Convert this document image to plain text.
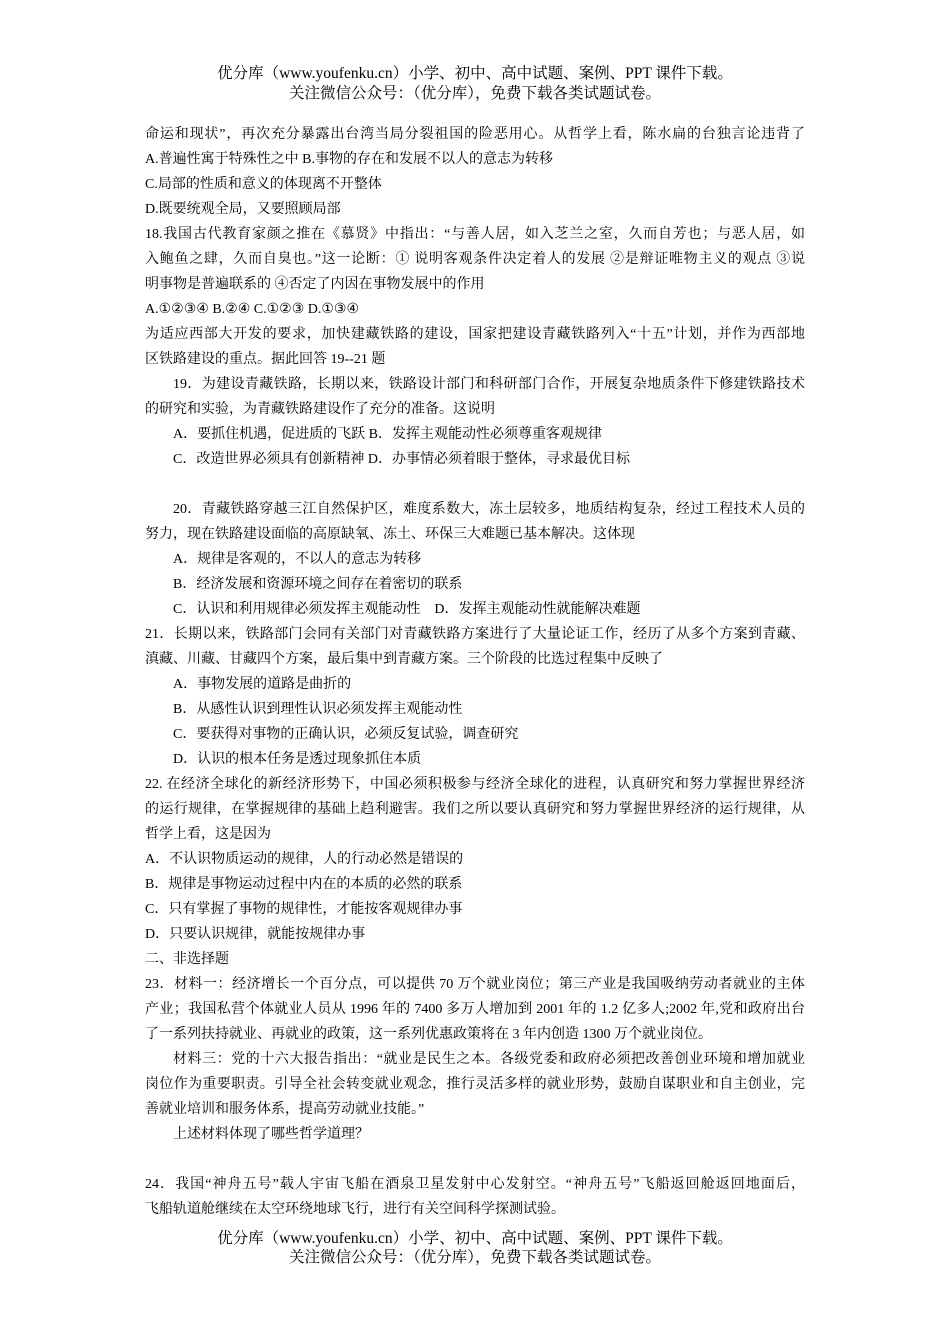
优分库（www.youfenku.cn）小学、初中、高中试题、案例、PPT 课件下载。
关注微信公众号：（优分库），免费下载各类试题试卷。
命运和现状”，再次充分暴露出台湾当局分裂祖国的险恶用心。从哲学上看，陈水扁的台独言论违背了
A.普遍性寓于特殊性之中 B.事物的存在和发展不以人的意志为转移
C.局部的性质和意义的体现离不开整体
D.既要统观全局，又要照顾局部
18.我国古代教育家颜之推在《慕贤》中指出：“与善人居，如入芝兰之室，久而自芳也；与恶人居，如
入鲍鱼之肆，久而自臭也。”这一论断：① 说明客观条件决定着人的发展 ②是辩证唯物主义的观点 ③说
明事物是普遍联系的 ④否定了内因在事物发展中的作用
A.①②③④ B.②④ C.①②③ D.①③④
为适应西部大开发的要求，加快建藏铁路的建设，国家把建设青藏铁路列入“十五”计划，并作为西部地
区铁路建设的重点。据此回答 19--21 题
19．为建设青藏铁路，长期以来，铁路设计部门和科研部门合作，开展复杂地质条件下修建铁路技术
的研究和实验，为青藏铁路建设作了充分的准备。这说明
A．要抓住机遇，促进质的飞跃 B．发挥主观能动性必须尊重客观规律
C．改造世界必须具有创新精神 D．办事情必须着眼于整体，寻求最优目标
20．青藏铁路穿越三江自然保护区，难度系数大，冻土层较多，地质结构复杂，经过工程技术人员的
努力，现在铁路建设面临的高原缺氧、冻土、环保三大难题已基本解决。这体现
A．规律是客观的，不以人的意志为转移
B．经济发展和资源环境之间存在着密切的联系
C．认识和利用规律必须发挥主观能动性　D．发挥主观能动性就能解决难题
21．长期以来，铁路部门会同有关部门对青藏铁路方案进行了大量论证工作，经历了从多个方案到青藏、
滇藏、川藏、甘藏四个方案，最后集中到青藏方案。三个阶段的比选过程集中反映了
A．事物发展的道路是曲折的
B．从感性认识到理性认识必须发挥主观能动性
C．要获得对事物的正确认识，必须反复试验，调查研究
D．认识的根本任务是透过现象抓住本质
22. 在经济全球化的新经济形势下，中国必须积极参与经济全球化的进程，认真研究和努力掌握世界经济
的运行规律，在掌握规律的基础上趋利避害。我们之所以要认真研究和努力掌握世界经济的运行规律，从
哲学上看，这是因为
A．不认识物质运动的规律，人的行动必然是错误的
B．规律是事物运动过程中内在的本质的必然的联系
C．只有掌握了事物的规律性，才能按客观规律办事
D．只要认识规律，就能按规律办事
二、非选择题
23．材料一：经济增长一个百分点，可以提供 70 万个就业岗位；第三产业是我国吸纳劳动者就业的主体
产业；我国私营个体就业人员从 1996 年的 7400 多万人增加到 2001 年的 1.2 亿多人;2002 年,党和政府出台
了一系列扶持就业、再就业的政策，这一系列优惠政策将在 3 年内创造 1300 万个就业岗位。
材料三：党的十六大报告指出：“就业是民生之本。各级党委和政府必须把改善创业环境和增加就业
岗位作为重要职责。引导全社会转变就业观念，推行灵活多样的就业形势，鼓励自谋职业和自主创业，完
善就业培训和服务体系，提高劳动就业技能。”
上述材料体现了哪些哲学道理？
24．我国“神舟五号”载人宇宙飞船在酒泉卫星发射中心发射空。“神舟五号”飞船返回舱返回地面后，
飞船轨道舱继续在太空环绕地球飞行，进行有关空间科学探测试验。
优分库（www.youfenku.cn）小学、初中、高中试题、案例、PPT 课件下载。
关注微信公众号：（优分库），免费下载各类试题试卷。
